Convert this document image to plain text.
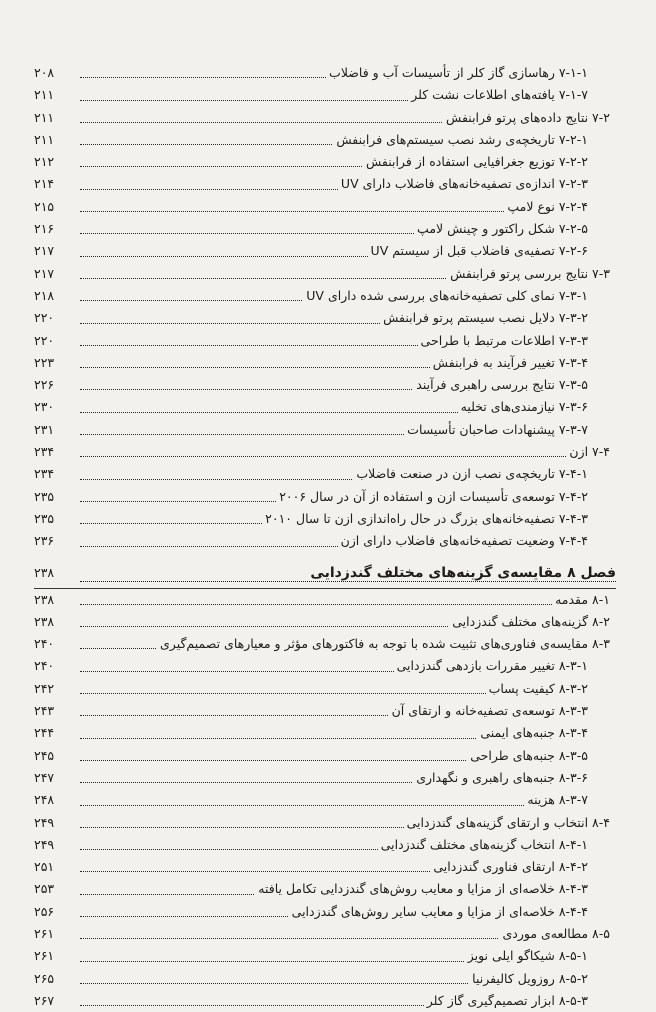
۲۰۸	۷-۱-۱ رهاسازی گاز کلر از تأسیسات آب و فاضلاب
۲۱۱	۷-۱-۷ یافته‌های اطلاعات نشت کلر
۲۱۱	۷-۲ نتایج داده‌های پرتو فرابنفش
۲۱۱	۷-۲-۱ تاریخچه‌ی رشد نصب سیستم‌های فرابنفش
۲۱۲	۷-۲-۲ توزیع جغرافیایی استفاده از فرابنفش
۲۱۴	۷-۲-۳ اندازه‌ی تصفیه‌خانه‌های فاضلاب دارای UV
۲۱۵	۷-۲-۴ نوع لامپ
۲۱۶	۷-۲-۵ شکل راکتور و چینش لامپ
۲۱۷	۷-۲-۶ تصفیه‌ی فاضلاب قبل از سیستم UV
۲۱۷	۷-۳ نتایج بررسی پرتو فرابنفش
۲۱۸	۷-۳-۱ نمای کلی تصفیه‌خانه‌های بررسی شده دارای UV
۲۲۰	۷-۳-۲ دلایل نصب سیستم پرتو فرابنفش
۲۲۰	۷-۳-۳ اطلاعات مرتبط با طراحی
۲۲۳	۷-۳-۴ تغییر فرآیند به فرابنفش
۲۲۶	۷-۳-۵ نتایج بررسی راهبری فرآیند
۲۳۰	۷-۳-۶ نیازمندی‌های تخلیه
۲۳۱	۷-۳-۷ پیشنهادات صاحبان تأسیسات
۲۳۴	۷-۴ ازن
۲۳۴	۷-۴-۱ تاریخچه‌ی نصب ازن در صنعت فاضلاب
۲۳۵	۷-۴-۲ توسعه‌ی تأسیسات ازن و استفاده از آن در سال ۲۰۰۶
۲۳۵	۷-۴-۳ تصفیه‌خانه‌های بزرگ در حال راه‌اندازی ازن تا سال ۲۰۱۰
۲۳۶	۷-۴-۴ وضعیت تصفیه‌خانه‌های فاضلاب دارای ازن
۲۳۸	فصل ۸ مقایسه‌ی گزینه‌های مختلف گندزدایی
۲۳۸	۸-۱ مقدمه
۲۳۸	۸-۲ گزینه‌های مختلف گندزدایی
۲۴۰	۸-۳ مقایسه‌ی فناوری‌های تثبیت شده با توجه به فاکتورهای مؤثر و معیارهای تصمیم‌گیری
۲۴۰	۸-۳-۱ تغییر مقررات بازدهی گندزدایی
۲۴۲	۸-۳-۲ کیفیت پساب
۲۴۳	۸-۳-۳ توسعه‌ی تصفیه‌خانه و ارتقای آن
۲۴۴	۸-۳-۴ جنبه‌های ایمنی
۲۴۵	۸-۳-۵ جنبه‌های طراحی
۲۴۷	۸-۳-۶ جنبه‌های راهبری و نگهداری
۲۴۸	۸-۳-۷ هزینه
۲۴۹	۸-۴ انتخاب و ارتقای گزینه‌های گندزدایی
۲۴۹	۸-۴-۱ انتخاب گزینه‌های مختلف گندزدایی
۲۵۱	۸-۴-۲ ارتقای فناوری گندزدایی
۲۵۳	۸-۴-۳ خلاصه‌ای از مزایا و معایب روش‌های گندزدایی تکامل یافته
۲۵۶	۸-۴-۴ خلاصه‌ای از مزایا و معایب سایر روش‌های گندزدایی
۲۶۱	۸-۵ مطالعه‌ی موردی
۲۶۱	۸-۵-۱ شیکاگو ایلی نویز
۲۶۵	۸-۵-۲ روزویل کالیفرنیا
۲۶۷	۸-۵-۳ ابزار تصمیم‌گیری گاز کلر
